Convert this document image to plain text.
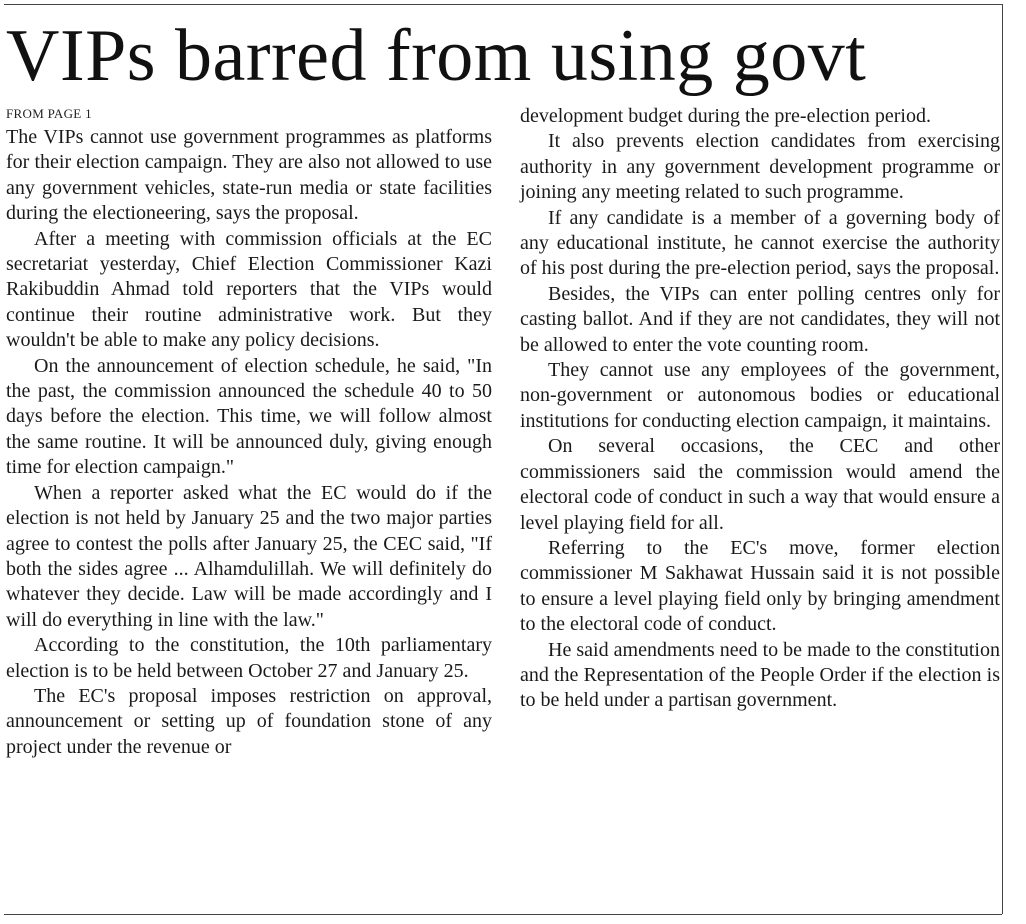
VIPs barred from using govt
FROM PAGE 1

The VIPs cannot use government programmes as platforms for their election campaign. They are also not allowed to use any government vehicles, state-run media or state facilities during the electioneering, says the proposal.

After a meeting with commission officials at the EC secretariat yesterday, Chief Election Commissioner Kazi Rakibuddin Ahmad told reporters that the VIPs would continue their routine administrative work. But they wouldn't be able to make any policy decisions.

On the announcement of election schedule, he said, "In the past, the commission announced the schedule 40 to 50 days before the election. This time, we will follow almost the same routine. It will be announced duly, giving enough time for election campaign."

When a reporter asked what the EC would do if the election is not held by January 25 and the two major parties agree to contest the polls after January 25, the CEC said, "If both the sides agree ... Alhamdulillah. We will definitely do whatever they decide. Law will be made accordingly and I will do everything in line with the law."

According to the constitution, the 10th parliamentary election is to be held between October 27 and January 25.

The EC's proposal imposes restriction on approval, announcement or setting up of foundation stone of any project under the revenue or

development budget during the pre-election period.

It also prevents election candidates from exercising authority in any government development programme or joining any meeting related to such programme.

If any candidate is a member of a governing body of any educational institute, he cannot exercise the authority of his post during the pre-election period, says the proposal.

Besides, the VIPs can enter polling centres only for casting ballot. And if they are not candidates, they will not be allowed to enter the vote counting room.

They cannot use any employees of the government, non-government or autonomous bodies or educational institutions for conducting election campaign, it maintains.

On several occasions, the CEC and other commissioners said the commission would amend the electoral code of conduct in such a way that would ensure a level playing field for all.

Referring to the EC's move, former election commissioner M Sakhawat Hussain said it is not possible to ensure a level playing field only by bringing amendment to the electoral code of conduct.

He said amendments need to be made to the constitution and the Representation of the People Order if the election is to be held under a partisan government.
